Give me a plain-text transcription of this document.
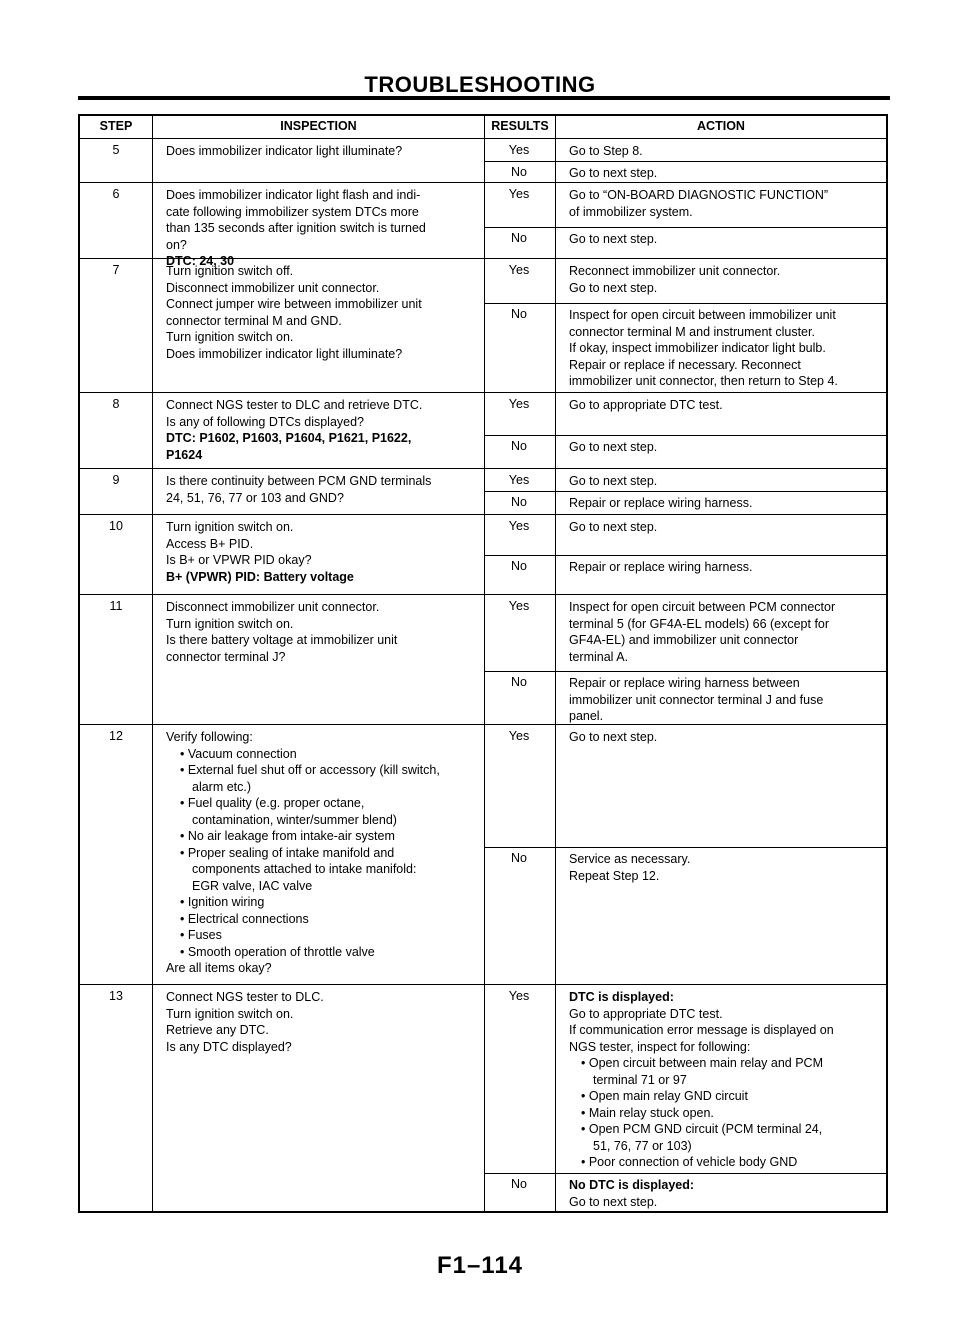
TROUBLESHOOTING
STEP	INSPECTION	RESULTS	ACTION
5	Does immobilizer indicator light illuminate?	Yes	Go to Step 8.
No	Go to next step.
6	Does immobilizer indicator light flash and indi-
cate following immobilizer system DTCs more
than 135 seconds after ignition switch is turned
on?
DTC: 24, 30
Yes	Go to “ON-BOARD DIAGNOSTIC FUNCTION”
of immobilizer system.
No	Go to next step.
7	Turn ignition switch off.
Disconnect immobilizer unit connector.
Connect jumper wire between immobilizer unit
connector terminal M and GND.
Turn ignition switch on.
Does immobilizer indicator light illuminate?
Yes	Reconnect immobilizer unit connector.
Go to next step.
No	Inspect for open circuit between immobilizer unit
connector terminal M and instrument cluster.
If okay, inspect immobilizer indicator light bulb.
Repair or replace if necessary. Reconnect
immobilizer unit connector, then return to Step 4.
8	Connect NGS tester to DLC and retrieve DTC.
Is any of following DTCs displayed?
DTC: P1602, P1603, P1604, P1621, P1622,
P1624
Yes	Go to appropriate DTC test.
No	Go to next step.
9	Is there continuity between PCM GND terminals
24, 51, 76, 77 or 103 and GND?
Yes	Go to next step.
No	Repair or replace wiring harness.
10	Turn ignition switch on.
Access B+ PID.
Is B+ or VPWR PID okay?
B+ (VPWR) PID: Battery voltage
Yes	Go to next step.
No	Repair or replace wiring harness.
11	Disconnect immobilizer unit connector.
Turn ignition switch on.
Is there battery voltage at immobilizer unit
connector terminal J?
Yes	Inspect for open circuit between PCM connector
terminal 5 (for GF4A-EL models) 66 (except for
GF4A-EL) and immobilizer unit connector
terminal A.
No	Repair or replace wiring harness between
immobilizer unit connector terminal J and fuse
panel.
12	Verify following:
• Vacuum connection
• External fuel shut off or accessory (kill switch,
alarm etc.)
• Fuel quality (e.g. proper octane,
contamination, winter/summer blend)
• No air leakage from intake-air system
• Proper sealing of intake manifold and
components attached to intake manifold:
EGR valve, IAC valve
• Ignition wiring
• Electrical connections
• Fuses
• Smooth operation of throttle valve
Are all items okay?
Yes	Go to next step.
No	Service as necessary.
Repeat Step 12.
13	Connect NGS tester to DLC.
Turn ignition switch on.
Retrieve any DTC.
Is any DTC displayed?
Yes	DTC is displayed:
Go to appropriate DTC test.
If communication error message is displayed on
NGS tester, inspect for following:
• Open circuit between main relay and PCM
terminal 71 or 97
• Open main relay GND circuit
• Main relay stuck open.
• Open PCM GND circuit (PCM terminal 24,
51, 76, 77 or 103)
• Poor connection of vehicle body GND
No	No DTC is displayed:
Go to next step.
F1–114
